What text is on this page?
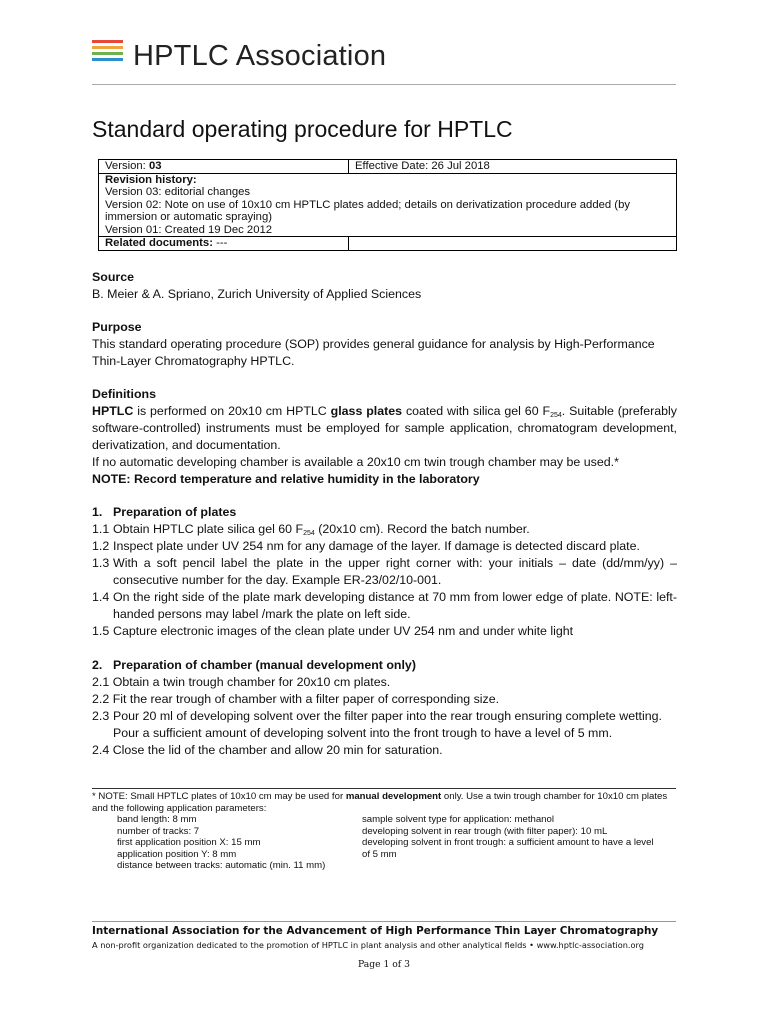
HPTLC Association
Standard operating procedure for HPTLC
Version: 03	Effective Date: 26 Jul 2018
Revision history:
Version 03: editorial changes
Version 02: Note on use of 10x10 cm HPTLC plates added; details on derivatization procedure added (by immersion or automatic spraying)
Version 01: Created 19 Dec 2012	
Related documents: ---	
Source

B. Meier & A. Spriano, Zurich University of Applied Sciences

Purpose

This standard operating procedure (SOP) provides general guidance for analysis by High-Performance Thin-Layer Chromatography HPTLC.

Definitions

HPTLC is performed on 20x10 cm HPTLC glass plates coated with silica gel 60 $F_{254}$. Suitable (preferably software-controlled) instruments must be employed for sample application, chromatogram development, derivatization, and documentation.

If no automatic developing chamber is available a 20x10 cm twin trough chamber may be used.*

NOTE: Record temperature and relative humidity in the laboratory

1. Preparation of plates

1.1 Obtain HPTLC plate silica gel 60 $F_{254}$ (20x10 cm). Record the batch number.

1.2 Inspect plate under UV 254 nm for any damage of the layer. If damage is detected discard plate.

1.3 With a soft pencil label the plate in the upper right corner with: your initials – date (dd/mm/yy) – consecutive number for the day. Example ER-23/02/10-001.

1.4 On the right side of the plate mark developing distance at 70 mm from lower edge of plate. NOTE: left-handed persons may label /mark the plate on left side.

1.5 Capture electronic images of the clean plate under UV 254 nm and under white light

2. Preparation of chamber (manual development only)

2.1 Obtain a twin trough chamber for 20x10 cm plates.

2.2 Fit the rear trough of chamber with a filter paper of corresponding size.

2.3 Pour 20 ml of developing solvent over the filter paper into the rear trough ensuring complete wetting. Pour a sufficient amount of developing solvent into the front trough to have a level of 5 mm.

2.4 Close the lid of the chamber and allow 20 min for saturation.

* NOTE: Small HPTLC plates of 10x10 cm may be used for manual development only. Use a twin trough chamber for 10x10 cm plates and the following application parameters:

band length: 8 mm
number of tracks: 7
first application position X: 15 mm
application position Y: 8 mm
distance between tracks: automatic (min. 11 mm)
sample solvent type for application: methanol
developing solvent in rear trough (with filter paper): 10 mL
developing solvent in front trough: a sufficient amount to have a level of 5 mm
International Association for the Advancement of High Performance Thin Layer Chromatography
A non-profit organization dedicated to the promotion of HPTLC in plant analysis and other analytical fields • www.hptlc-association.org
Page 1 of 3
